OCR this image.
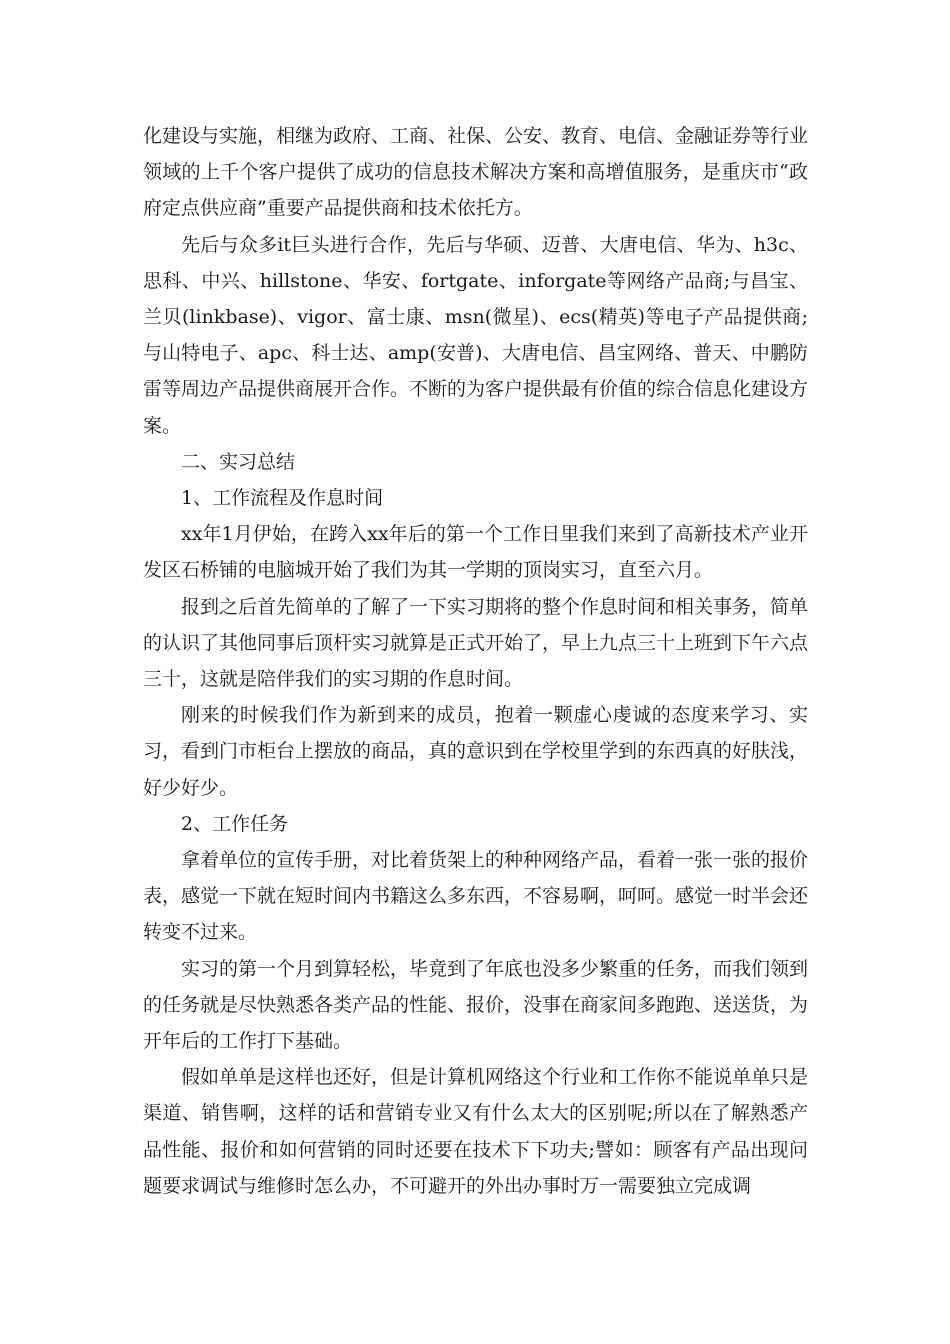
化建设与实施，相继为政府、工商、社保、公安、教育、电信、金融证券等行业领域的上千个客户提供了成功的信息技术解决方案和高增值服务，是重庆市“政府定点供应商”重要产品提供商和技术依托方。

先后与众多it巨头进行合作，先后与华硕、迈普、大唐电信、华为、h3c、思科、中兴、hillstone、华安、fortgate、inforgate等网络产品商;与昌宝、兰贝(linkbase)、vigor、富士康、msn(微星)、ecs(精英)等电子产品提供商;与山特电子、apc、科士达、amp(安普)、大唐电信、昌宝网络、普天、中鹏防雷等周边产品提供商展开合作。不断的为客户提供最有价值的综合信息化建设方案。

二、实习总结

1、工作流程及作息时间

xx年1月伊始，在跨入xx年后的第一个工作日里我们来到了高新技术产业开发区石桥铺的电脑城开始了我们为其一学期的顶岗实习，直至六月。

报到之后首先简单的了解了一下实习期将的整个作息时间和相关事务，简单的认识了其他同事后顶杆实习就算是正式开始了，早上九点三十上班到下午六点三十，这就是陪伴我们的实习期的作息时间。

刚来的时候我们作为新到来的成员，抱着一颗虚心虔诚的态度来学习、实习，看到门市柜台上摆放的商品，真的意识到在学校里学到的东西真的好肤浅，好少好少。

2、工作任务

拿着单位的宣传手册，对比着货架上的种种网络产品，看着一张一张的报价表，感觉一下就在短时间内书籍这么多东西，不容易啊，呵呵。感觉一时半会还转变不过来。

实习的第一个月到算轻松，毕竟到了年底也没多少繁重的任务，而我们领到的任务就是尽快熟悉各类产品的性能、报价，没事在商家间多跑跑、送送货，为开年后的工作打下基础。

假如单单是这样也还好，但是计算机网络这个行业和工作你不能说单单只是渠道、销售啊，这样的话和营销专业又有什么太大的区别呢;所以在了解熟悉产品性能、报价和如何营销的同时还要在技术下下功夫;譬如：顾客有产品出现问题要求调试与维修时怎么办，不可避开的外出办事时万一需要独立完成调
